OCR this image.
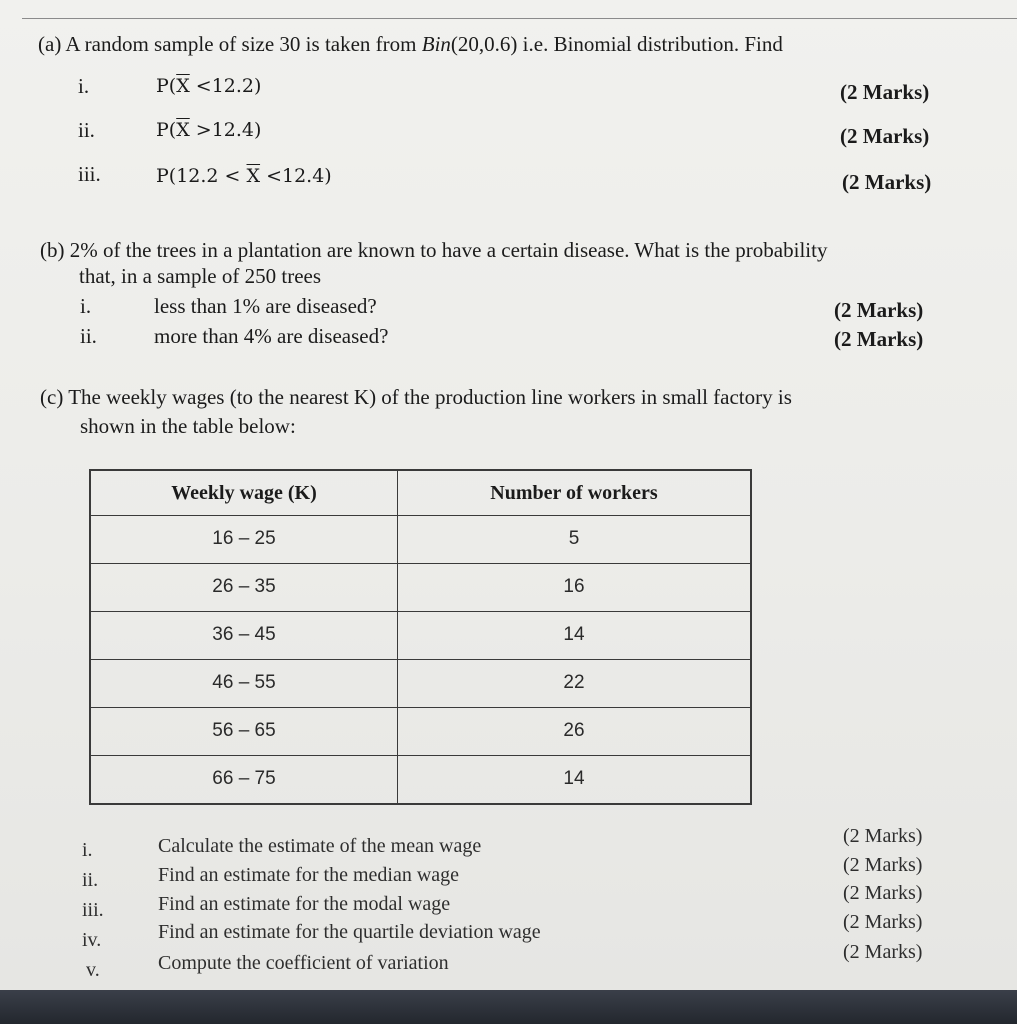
(a) A random sample of size 30 is taken from Bin(20,0.6) i.e. Binomial distribution. Find
i.	$P(\overline{X} <12.2)$	(2 Marks)
ii.	$P(\overline{X} >12.4)$	(2 Marks)
iii.	$P(12.2 < \overline{X} <12.4)$	(2 Marks)
(b) 2% of the trees in a plantation are known to have a certain disease. What is the probability
that, in a sample of 250 trees
i.	less than 1% are diseased?	(2 Marks)
ii.	more than 4% are diseased?	(2 Marks)
(c) The weekly wages (to the nearest K) of the production line workers in small factory is
shown in the table below:
Weekly wage (K)	Number of workers
16 – 25	5
26 – 35	16
36 – 45	14
46 – 55	22
56 – 65	26
66 – 75	14
i.	Calculate the estimate of the mean wage	(2 Marks)
ii.	Find an estimate for the median wage	(2 Marks)
iii.	Find an estimate for the modal wage	(2 Marks)
iv.	Find an estimate for the quartile deviation wage	(2 Marks)
v.	Compute the coefficient of variation	(2 Marks)
